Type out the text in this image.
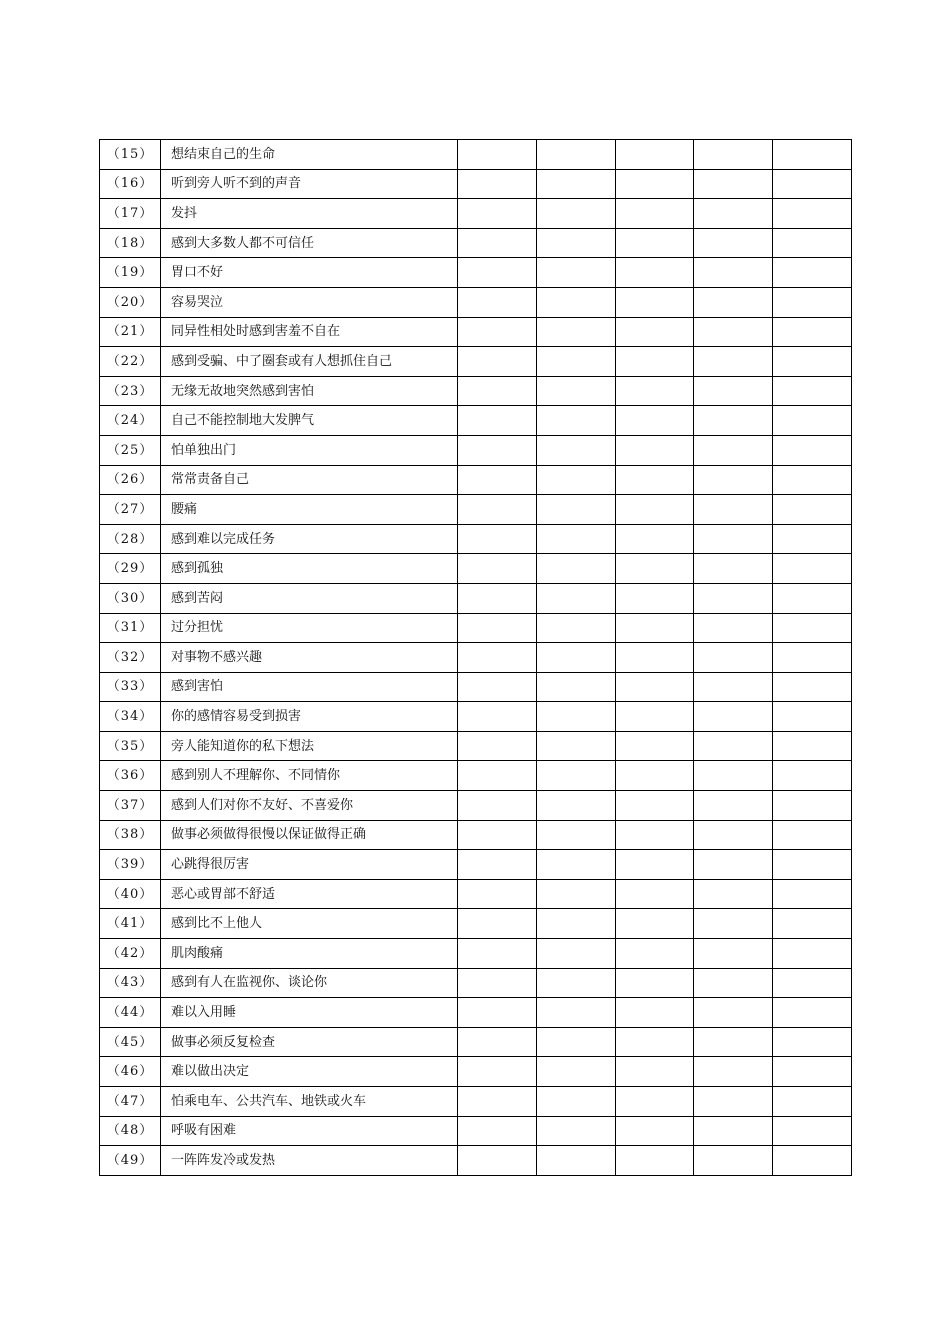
（15）	想结束自己的生命					
（16）	听到旁人听不到的声音					
（17）	发抖					
（18）	感到大多数人都不可信任					
（19）	胃口不好					
（20）	容易哭泣					
（21）	同异性相处时感到害羞不自在					
（22）	感到受骗、中了圈套或有人想抓住自己					
（23）	无缘无故地突然感到害怕					
（24）	自己不能控制地大发脾气					
（25）	怕单独出门					
（26）	常常责备自己					
（27）	腰痛					
（28）	感到难以完成任务					
（29）	感到孤独					
（30）	感到苦闷					
（31）	过分担忧					
（32）	对事物不感兴趣					
（33）	感到害怕					
（34）	你的感情容易受到损害					
（35）	旁人能知道你的私下想法					
（36）	感到别人不理解你、不同情你					
（37）	感到人们对你不友好、不喜爱你					
（38）	做事必须做得很慢以保证做得正确					
（39）	心跳得很厉害					
（40）	恶心或胃部不舒适					
（41）	感到比不上他人					
（42）	肌肉酸痛					
（43）	感到有人在监视你、谈论你					
（44）	难以入用睡					
（45）	做事必须反复检查					
（46）	难以做出决定					
（47）	怕乘电车、公共汽车、地铁或火车					
（48）	呼吸有困难					
（49）	一阵阵发冷或发热					
